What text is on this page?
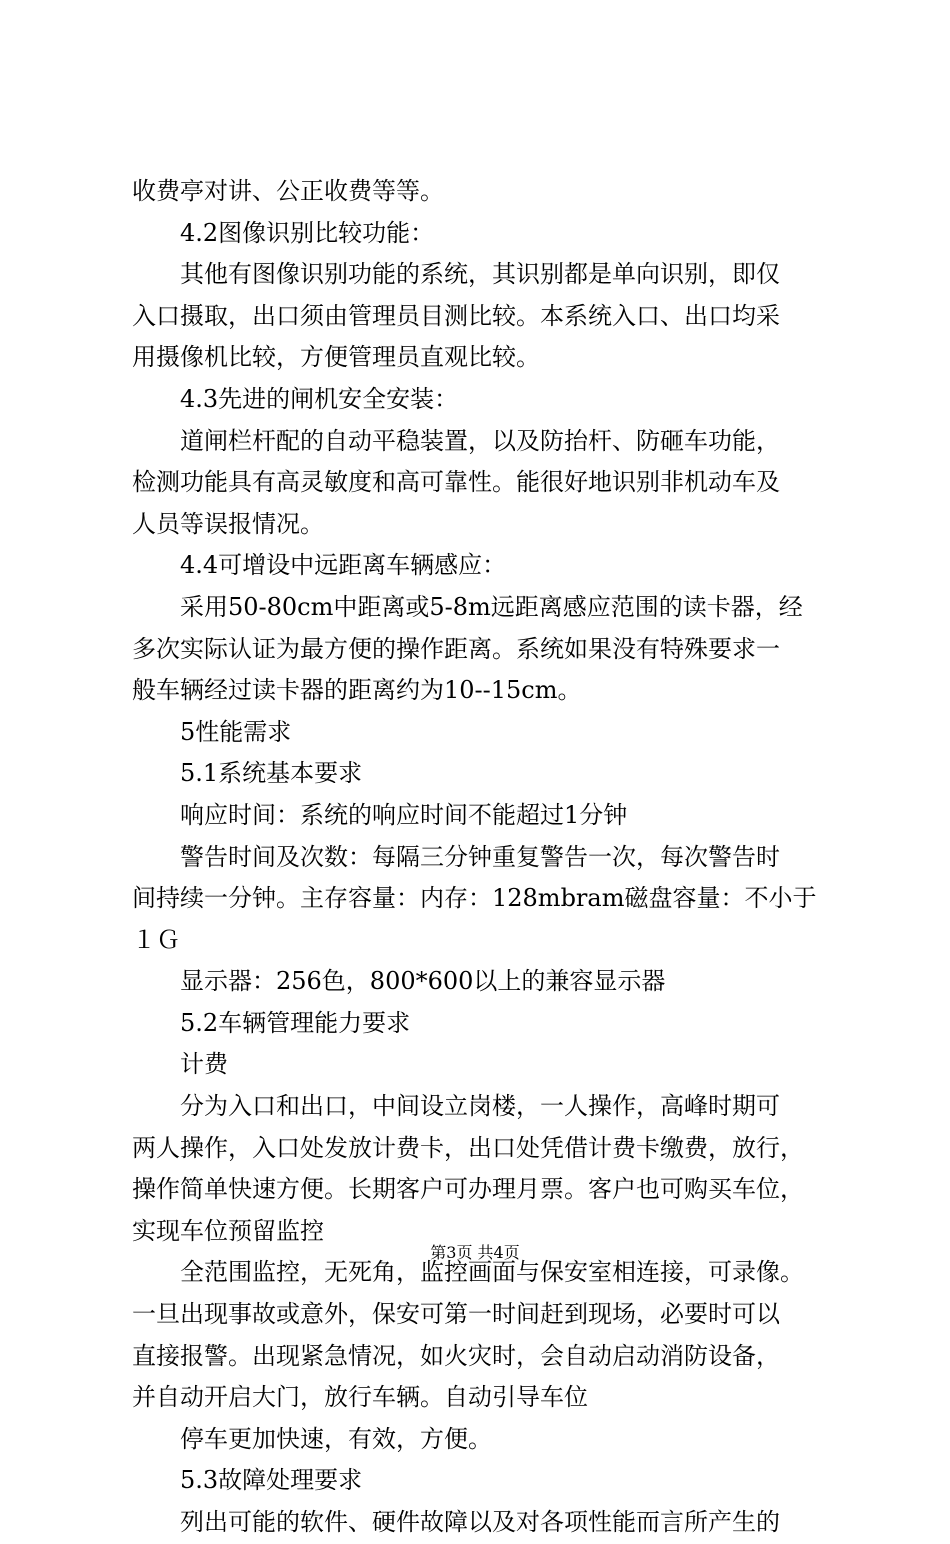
收费亭对讲、公正收费等等。
4.2图像识别比较功能：
其他有图像识别功能的系统，其识别都是单向识别，即仅
入口摄取，出口须由管理员目测比较。本系统入口、出口均采
用摄像机比较，方便管理员直观比较。
4.3先进的闸机安全安装：
道闸栏杆配的自动平稳装置，以及防抬杆、防砸车功能，
检测功能具有高灵敏度和高可靠性。能很好地识别非机动车及
人员等误报情况。
4.4可增设中远距离车辆感应：
采用50-80cm中距离或5-8m远距离感应范围的读卡器，经
多次实际认证为最方便的操作距离。系统如果没有特殊要求一
般车辆经过读卡器的距离约为10--15cm。
5性能需求
5.1系统基本要求
响应时间：系统的响应时间不能超过1分钟
警告时间及次数：每隔三分钟重复警告一次，每次警告时
间持续一分钟。主存容量：内存：128mbram磁盘容量：不小于
１Ｇ
显示器：256色，800*600以上的兼容显示器
5.2车辆管理能力要求
计费
分为入口和出口，中间设立岗楼，一人操作，高峰时期可
两人操作，入口处发放计费卡，出口处凭借计费卡缴费，放行，
操作简单快速方便。长期客户可办理月票。客户也可购买车位，
实现车位预留监控
全范围监控，无死角，监控画面与保安室相连接，可录像。
一旦出现事故或意外，保安可第一时间赶到现场，必要时可以
直接报警。出现紧急情况，如火灾时，会自动启动消防设备，
并自动开启大门，放行车辆。自动引导车位
停车更加快速，有效，方便。
5.3故障处理要求
列出可能的软件、硬件故障以及对各项性能而言所产生的
第3页 共4页
